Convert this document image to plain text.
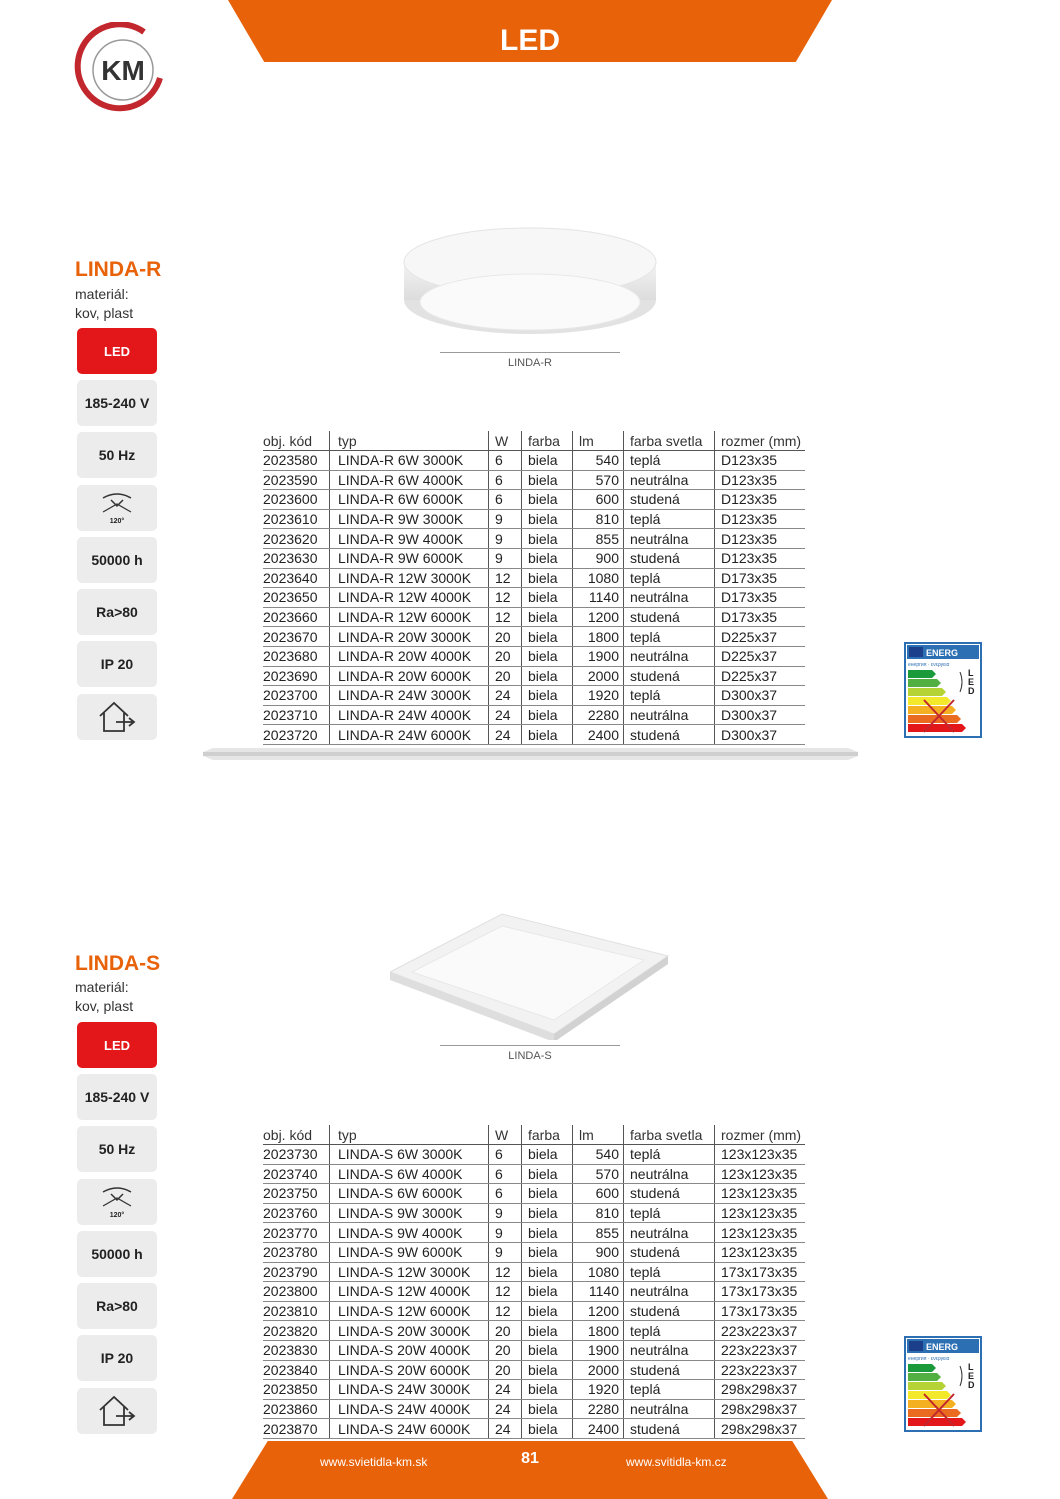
LED
KM
LINDA-R
materiál:
kov, plast
LED
185-240 V
50 Hz
120°
50000 h
Ra>80
IP 20
LINDA-R
obj. kód	typ	W	farba	lm	farba svetla	rozmer (mm)
2023580	LINDA-R 6W 3000K	6	biela	540	teplá	D123x35
2023590	LINDA-R 6W 4000K	6	biela	570	neutrálna	D123x35
2023600	LINDA-R 6W 6000K	6	biela	600	studená	D123x35
2023610	LINDA-R 9W 3000K	9	biela	810	teplá	D123x35
2023620	LINDA-R 9W 4000K	9	biela	855	neutrálna	D123x35
2023630	LINDA-R 9W 6000K	9	biela	900	studená	D123x35
2023640	LINDA-R 12W 3000K	12	biela	1080	teplá	D173x35
2023650	LINDA-R 12W 4000K	12	biela	1140	neutrálna	D173x35
2023660	LINDA-R 12W 6000K	12	biela	1200	studená	D173x35
2023670	LINDA-R 20W 3000K	20	biela	1800	teplá	D225x37
2023680	LINDA-R 20W 4000K	20	biela	1900	neutrálna	D225x37
2023690	LINDA-R 20W 6000K	20	biela	2000	studená	D225x37
2023700	LINDA-R 24W 3000K	24	biela	1920	teplá	D300x37
2023710	LINDA-R 24W 4000K	24	biela	2280	neutrálna	D300x37
2023720	LINDA-R 24W 6000K	24	biela	2400	studená	D300x37
ENERG
енергия · ενεργεια
L
E
D
LINDA-S
materiál:
kov, plast
LED
185-240 V
50 Hz
120°
50000 h
Ra>80
IP 20
LINDA-S
obj. kód	typ	W	farba	lm	farba svetla	rozmer (mm)
2023730	LINDA-S 6W 3000K	6	biela	540	teplá	123x123x35
2023740	LINDA-S 6W 4000K	6	biela	570	neutrálna	123x123x35
2023750	LINDA-S 6W 6000K	6	biela	600	studená	123x123x35
2023760	LINDA-S 9W 3000K	9	biela	810	teplá	123x123x35
2023770	LINDA-S 9W 4000K	9	biela	855	neutrálna	123x123x35
2023780	LINDA-S 9W 6000K	9	biela	900	studená	123x123x35
2023790	LINDA-S 12W 3000K	12	biela	1080	teplá	173x173x35
2023800	LINDA-S 12W 4000K	12	biela	1140	neutrálna	173x173x35
2023810	LINDA-S 12W 6000K	12	biela	1200	studená	173x173x35
2023820	LINDA-S 20W 3000K	20	biela	1800	teplá	223x223x37
2023830	LINDA-S 20W 4000K	20	biela	1900	neutrálna	223x223x37
2023840	LINDA-S 20W 6000K	20	biela	2000	studená	223x223x37
2023850	LINDA-S 24W 3000K	24	biela	1920	teplá	298x298x37
2023860	LINDA-S 24W 4000K	24	biela	2280	neutrálna	298x298x37
2023870	LINDA-S 24W 6000K	24	biela	2400	studená	298x298x37
ENERG
енергия · ενεργεια
L
E
D
www.svietidla-km.sk	81	www.svitidla-km.cz
